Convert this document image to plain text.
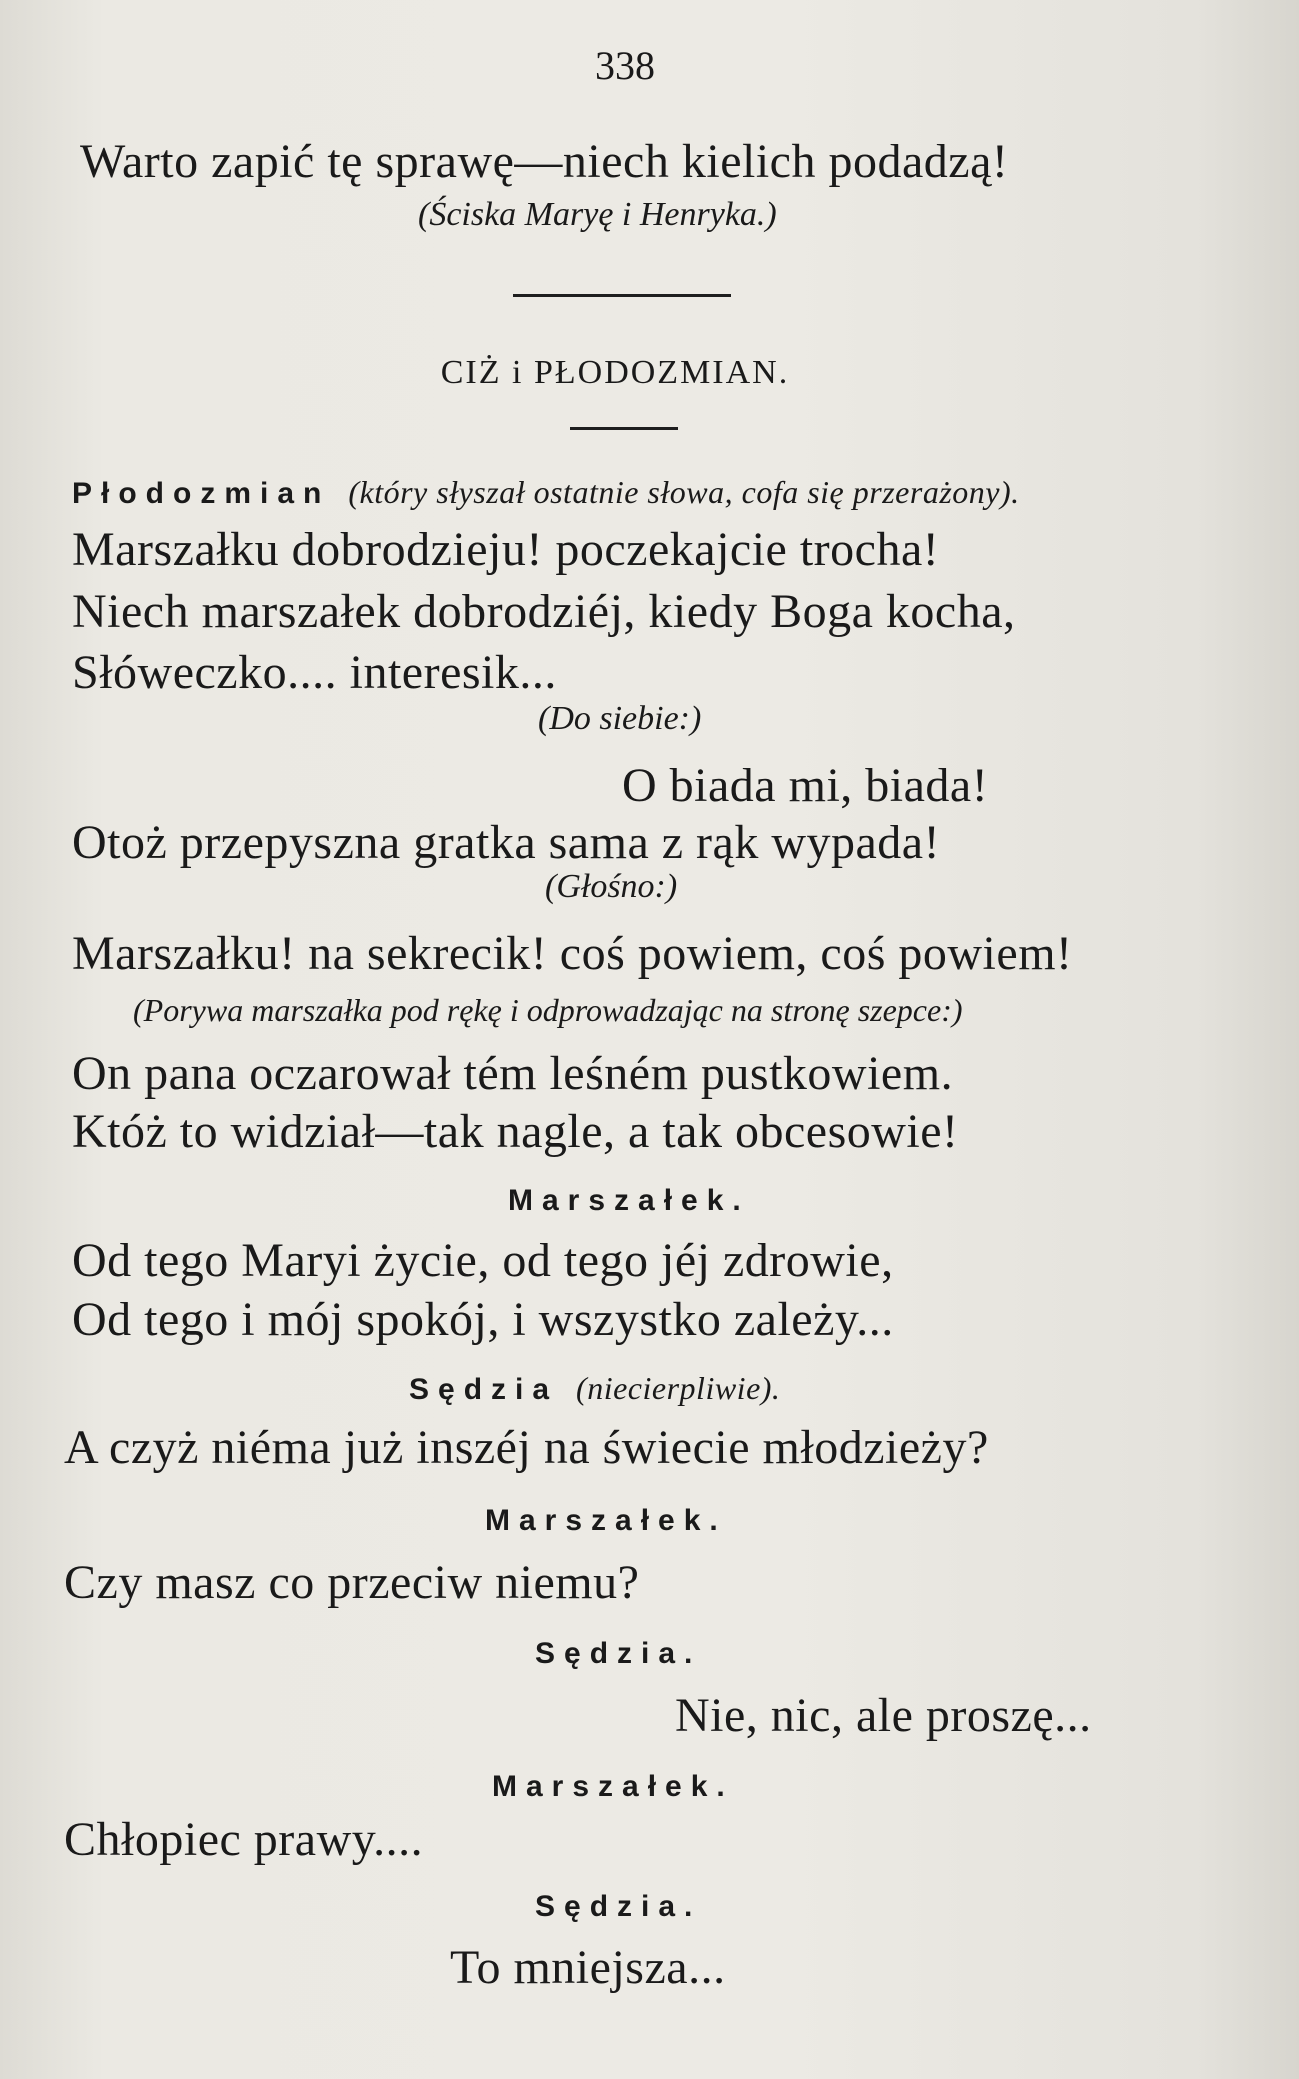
338
Warto zapić tę sprawę—niech kielich podadzą!
(Ściska Maryę i Henryka.)
CIŻ i PŁODOZMIAN.
Płodozmian (który słyszał ostatnie słowa, cofa się przerażony).
Marszałku dobrodzieju! poczekajcie trocha!
Niech marszałek dobrodziéj, kiedy Boga kocha,
Słóweczko.... interesik...
(Do siebie:)
O biada mi, biada!
Otoż przepyszna gratka sama z rąk wypada!
(Głośno:)
Marszałku! na sekrecik! coś powiem, coś powiem!
(Porywa marszałka pod rękę i odprowadzając na stronę szepce:)
On pana oczarował tém leśném pustkowiem.
Któż to widział—tak nagle, a tak obcesowie!
Marszałek.
Od tego Maryi życie, od tego jéj zdrowie,
Od tego i mój spokój, i wszystko zależy...
Sędzia (niecierpliwie).
A czyż niéma już inszéj na świecie młodzieży?
Marszałek.
Czy masz co przeciw niemu?
Sędzia.
Nie, nic, ale proszę...
Marszałek.
Chłopiec prawy....
Sędzia.
To mniejsza...
